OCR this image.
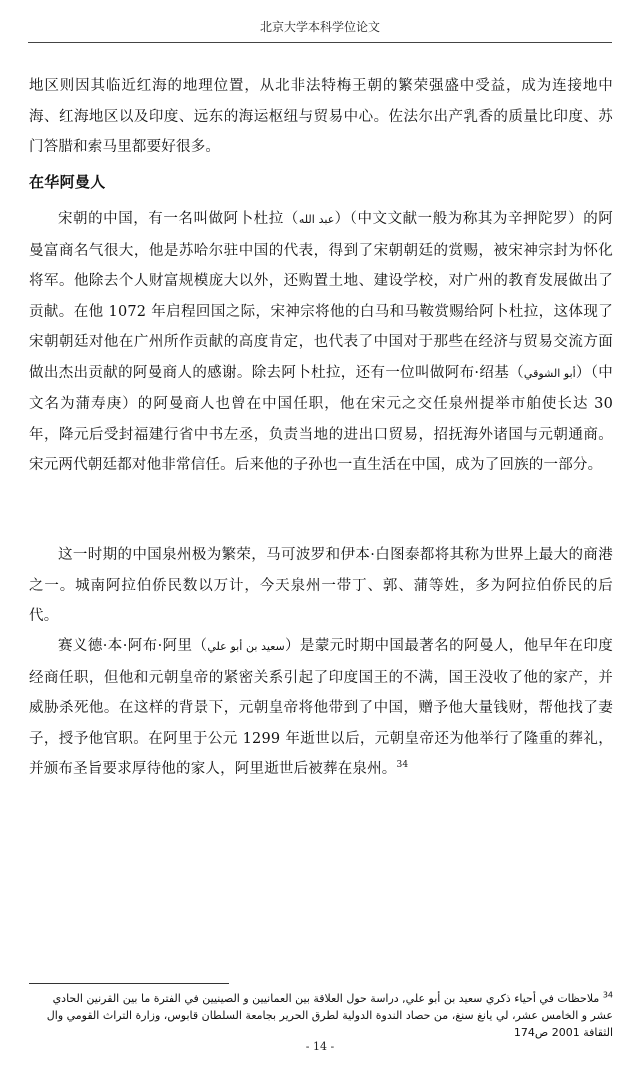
北京大学本科学位论文

地区则因其临近红海的地理位置，从北非法特梅王朝的繁荣强盛中受益，成为连接地中海、红海地区以及印度、远东的海运枢纽与贸易中心。佐法尔出产乳香的质量比印度、苏门答腊和索马里都要好很多。

在华阿曼人

宋朝的中国，有一名叫做阿卜杜拉（عبد الله）（中文文献一般为称其为辛押陀罗）的阿曼富商名气很大，他是苏哈尔驻中国的代表，得到了宋朝朝廷的赏赐，被宋神宗封为怀化将军。他除去个人财富规模庞大以外，还购置土地、建设学校，对广州的教育发展做出了贡献。在他 1072 年启程回国之际，宋神宗将他的白马和马鞍赏赐给阿卜杜拉，这体现了宋朝朝廷对他在广州所作贡献的高度肯定，也代表了中国对于那些在经济与贸易交流方面做出杰出贡献的阿曼商人的感谢。除去阿卜杜拉，还有一位叫做阿布·绍基（أبو الشوقي）（中文名为蒲寿庚）的阿曼商人也曾在中国任职，他在宋元之交任泉州提举市舶使长达 30 年，降元后受封福建行省中书左丞，负责当地的进出口贸易，招抚海外诸国与元朝通商。宋元两代朝廷都对他非常信任。后来他的子孙也一直生活在中国，成为了回族的一部分。

这一时期的中国泉州极为繁荣，马可波罗和伊本·白图泰都将其称为世界上最大的商港之一。城南阿拉伯侨民数以万计，今天泉州一带丁、郭、蒲等姓，多为阿拉伯侨民的后代。

赛义德·本·阿布·阿里（سعيد بن أبو علي）是蒙元时期中国最著名的阿曼人，他早年在印度经商任职，但他和元朝皇帝的紧密关系引起了印度国王的不满，国王没收了他的家产，并威胁杀死他。在这样的背景下，元朝皇帝将他带到了中国，赠予他大量钱财，帮他找了妻子，授予他官职。在阿里于公元 1299 年逝世以后，元朝皇帝还为他举行了隆重的葬礼，并颁布圣旨要求厚待他的家人，阿里逝世后被葬在泉州。$^{34}$

$^{34}$ ملاحظات في أحياء ذكري سعيد بن أبو علي, دراسة حول العلاقة بين العمانيين و الصينيين في الفترة ما بين القرنين الحادي عشر و الخامس عشر، لي يانغ سنغ، من حصاد الندوة الدولية لطرق الحرير بجامعة السلطان قابوس، وزارة التراث القومي وال الثقافة 2001 ص174

- 14 -
